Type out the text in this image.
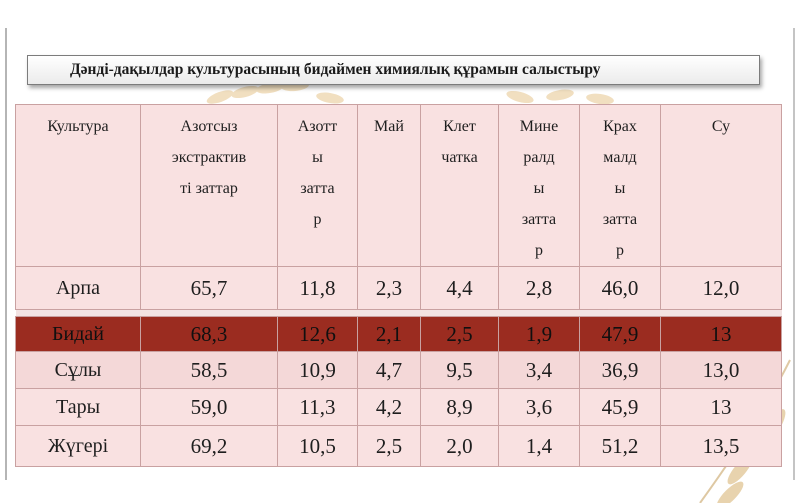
Дәнді-дақылдар культурасының бидаймен химиялық құрамын салыстыру
Культура	Азотсыз
экстрактив
ті заттар	Азотт
ы
затта
р	Май	Клет
чатка	Мине
ралд
ы
затта
р	Крах
малд
ы
затта
р	Су
Арпа	65,7	11,8	2,3	4,4	2,8	46,0	12,0

Бидай	68,3	12,6	2,1	2,5	1,9	47,9	13
Сұлы	58,5	10,9	4,7	9,5	3,4	36,9	13,0
Тары	59,0	11,3	4,2	8,9	3,6	45,9	13
Жүгері	69,2	10,5	2,5	2,0	1,4	51,2	13,5
